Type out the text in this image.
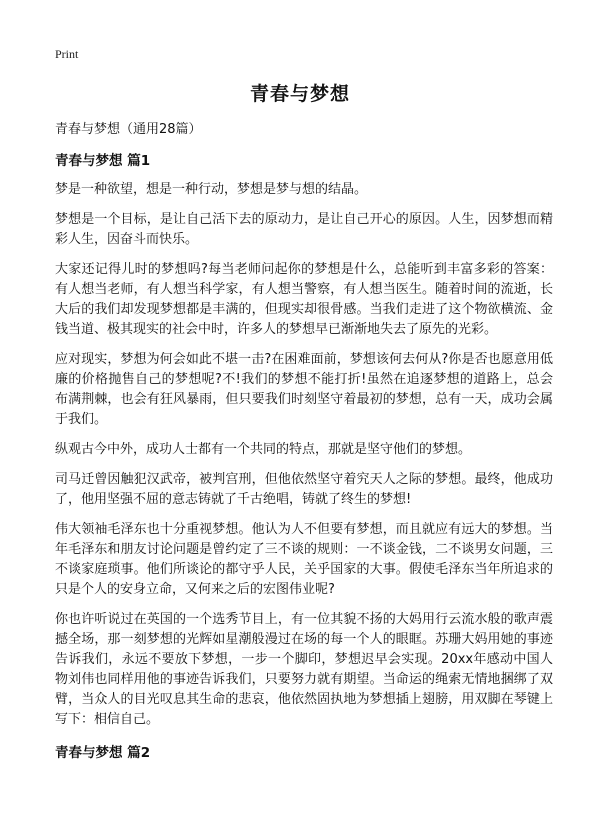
Print
青春与梦想
青春与梦想（通用28篇）
青春与梦想 篇1

梦是一种欲望，想是一种行动，梦想是梦与想的结晶。

梦想是一个目标，是让自己活下去的原动力，是让自己开心的原因。人生，因梦想而精彩人生，因奋斗而快乐。

大家还记得儿时的梦想吗?每当老师问起你的梦想是什么，总能听到丰富多彩的答案：有人想当老师，有人想当科学家，有人想当警察，有人想当医生。随着时间的流逝，长大后的我们却发现梦想都是丰满的，但现实却很骨感。当我们走进了这个物欲横流、金钱当道、极其现实的社会中时，许多人的梦想早已渐渐地失去了原先的光彩。

应对现实，梦想为何会如此不堪一击?在困难面前，梦想该何去何从?你是否也愿意用低廉的价格抛售自己的梦想呢?不!我们的梦想不能打折!虽然在追逐梦想的道路上，总会布满荆棘，也会有狂风暴雨，但只要我们时刻坚守着最初的梦想，总有一天，成功会属于我们。

纵观古今中外，成功人士都有一个共同的特点，那就是坚守他们的梦想。

司马迁曾因触犯汉武帝，被判宫刑，但他依然坚守着究天人之际的梦想。最终，他成功了，他用坚强不屈的意志铸就了千古绝唱，铸就了终生的梦想!

伟大领袖毛泽东也十分重视梦想。他认为人不但要有梦想，而且就应有远大的梦想。当年毛泽东和朋友讨论问题是曾约定了三不谈的规则：一不谈金钱，二不谈男女问题，三不谈家庭琐事。他们所谈论的都守乎人民，关乎国家的大事。假使毛泽东当年所追求的只是个人的安身立命，又何来之后的宏图伟业呢?

你也许听说过在英国的一个选秀节目上，有一位其貌不扬的大妈用行云流水般的歌声震撼全场，那一刻梦想的光辉如星潮般漫过在场的每一个人的眼眶。苏珊大妈用她的事迹告诉我们，永远不要放下梦想，一步一个脚印，梦想迟早会实现。20xx年感动中国人物刘伟也同样用他的事迹告诉我们，只要努力就有期望。当命运的绳索无情地捆绑了双臂，当众人的目光叹息其生命的悲哀，他依然固执地为梦想插上翅膀，用双脚在琴键上写下：相信自己。

青春与梦想 篇2
